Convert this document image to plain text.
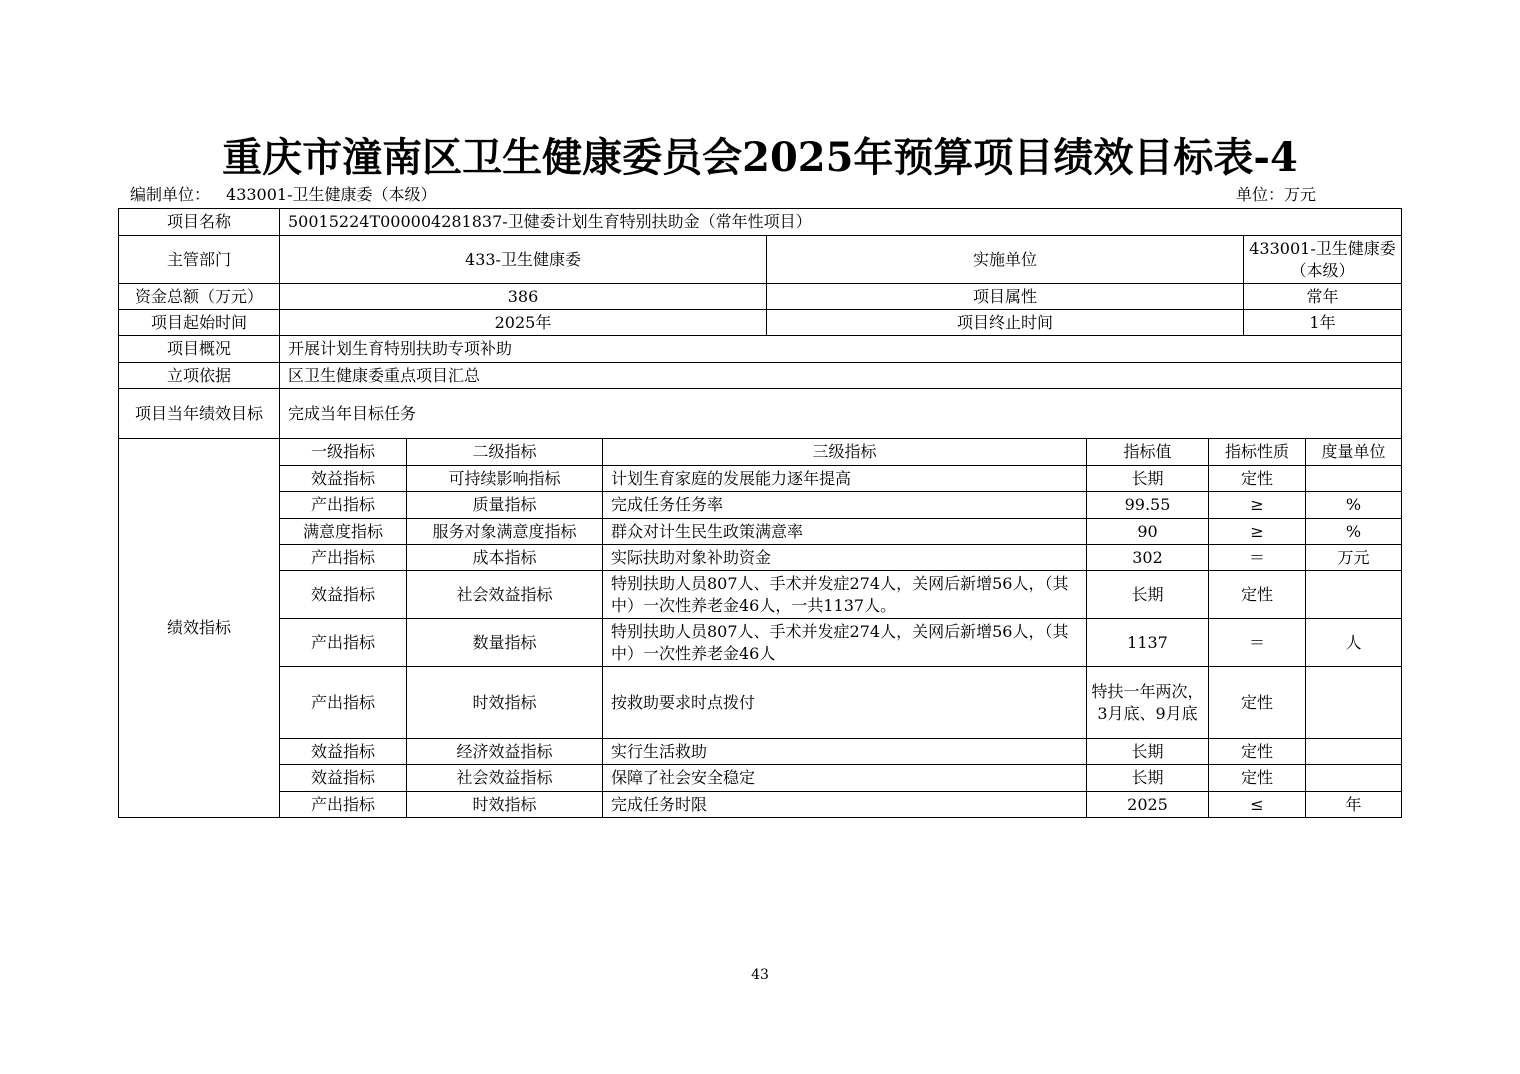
重庆市潼南区卫生健康委员会2025年预算项目绩效目标表-4
编制单位： 433001-卫生健康委（本级）	单位：万元
项目名称	50015224T000004281837-卫健委计划生育特别扶助金（常年性项目）							
主管部门	433-卫生健康委			实施单位			433001-卫生健康委（本级）	
资金总额（万元）	386			项目属性			常年	
项目起始时间	2025年			项目终止时间			1年	
项目概况	开展计划生育特别扶助专项补助							
立项依据	区卫生健康委重点项目汇总							
项目当年绩效目标	完成当年目标任务							
绩效指标	一级指标	二级指标	三级指标		指标值	指标性质		度量单位
	效益指标	可持续影响指标	计划生育家庭的发展能力逐年提高		长期	定性		
	产出指标	质量指标	完成任务任务率		99.55	≥		%
	满意度指标	服务对象满意度指标	群众对计生民生政策满意率		90	≥		%
	产出指标	成本指标	实际扶助对象补助资金		302	＝		万元
	效益指标	社会效益指标	特别扶助人员807人、手术并发症274人，关网后新增56人，（其中）一次性养老金46人，一共1137人。		长期	定性		
	产出指标	数量指标	特别扶助人员807人、手术并发症274人，关网后新增56人，（其中）一次性养老金46人		1137	＝		人
	产出指标	时效指标	按救助要求时点拨付		特扶一年两次，3月底、9月底	定性		
	效益指标	经济效益指标	实行生活救助		长期	定性		
	效益指标	社会效益指标	保障了社会安全稳定		长期	定性		
	产出指标	时效指标	完成任务时限		2025	≤		年
43
